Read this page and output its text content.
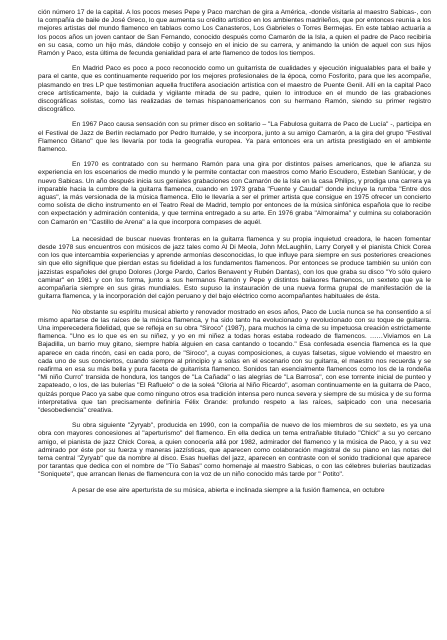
ción número 17 de la capital. A los pocos meses Pepe y Paco marchan de gira a América, -donde visitaría al maestro Sabicas-, con la compañía de baile de José Greco, lo que aumenta su crédito artístico en los ambientes madrileños, que por entonces reunía a los mejores artistas del mundo flamenco en tablaos como Los Canasteros, Los Gabrieles o Torres Bermejas. En este tablao actuaría a los pocos años un joven cantaor de San Fernando, conocido después como Camarón de la Isla, a quien el padre de Paco recibiría en su casa, como un hijo más, dándole cobijo y consejo en el inicio de su carrera, y animando la unión de aquel con sus hijos Ramón y Paco, esta última de fecunda genialidad para el arte flamenco de todos los tiempos.

En Madrid Paco es poco a poco reconocido como un guitarrista de cualidades y ejecución inigualables para el baile y para el cante, que es continuamente requerido por los mejores profesionales de la época, como Fosforito, para que les acompañe, plasmando en tres LP que testimonian aquella fructífera asociación artística con el maestro de Puente Genil. Allí en la capital Paco crece artísticamente, bajo la cuidada y vigilante mirada de su padre, quien lo introduce en el mundo de las grabaciones discográficas solistas, como las realizadas de temas hispanoamericanos con su hermano Ramón, siendo su primer registro discográfico.

En 1967 Paco causa sensación con su primer disco en solitario – "La Fabulosa guitarra de Paco de Lucía" -, participa en el Festival de Jazz de Berlín reclamado por Pedro Iturralde, y se incorpora, junto a su amigo Camarón, a la gira del grupo "Festival Flamenco Gitano" que les llevaría por toda la geografía europea. Ya para entonces era un artista prestigiado en el ambiente flamenco.

En 1970 es contratado con su hermano Ramón para una gira por distintos países americanos, que le afianza su experiencia en los escenarios de medio mundo y le permite contactar con maestros como Mario Escudero, Esteban Sanlúcar, y de nuevo Sabicas. Un año después inicia sus geniales grabaciones con Camarón de la Isla en la casa Philips, y prodiga una carrera ya imparable hacia la cumbre de la guitarra flamenca, cuando en 1973 graba "Fuente y Caudal" donde incluye la rumba "Entre dos aguas", la más versionada de la música flamenca. Ello le llevaría a ser el primer artista que consigue en 1975 ofrecer un concierto como solista de dicho instrumento en el Teatro Real de Madrid, templo por entonces de la música sinfónica española que lo recibe con expectación y admiración contenida, y que termina entregado a su arte. En 1976 graba "Almoraima" y culmina su colaboración con Camarón en "Castillo de Arena" a la que incorpora compases de aquél.

La necesidad de buscar nuevas fronteras en la guitarra flamenca y su propia inquietud creadora, le hacen fomentar desde 1978 sus encuentros con músicos de jazz tales como Al Di Meola, John McLaughlin, Larry Coryell y el pianista Chick Corea con los que intercambia experiencias y aprende armonías desconocidas, lo que influye para siempre en sus posteriores creaciones sin que ello signifique que pierdan estas su fidelidad a los fundamentos flamencos. Por entonces se produce también su unión con jazzistas españoles del grupo Dolores (Jorge Pardo, Carlos Benavent y Rubén Dantas), con los que graba su disco "Yo sólo quiero caminar" en 1981 y con los forma, junto a sus hermanos Ramón y Pepe y distintos bailaores flamencos, un sexteto que ya le acompañaría siempre en sus giras mundiales. Esto supuso la instauración de una nueva forma grupal de manifestación de la guitarra flamenca, y la incorporación del cajón peruano y del bajo eléctrico como acompañantes habituales de ésta.

No obstante su espíritu musical abierto y renovador mostrado en esos años, Paco de Lucía nunca se ha consentido a sí mismo apartarse de las raíces de la música flamenca, y ha sido tanto ha evolucionado y revolucionado con su toque de guitarra. Una imperecedera fidelidad, que se refleja en su obra "Siroco" (1987), para muchos la cima de su ímpetuosa creación estrictamente flamenca. "Uno es lo que es en su niñez, y yo en mi niñez a todas horas estaba rodeado de flamencos. ……Viviamos en La Bajadilla, un barrio muy gitano, siempre había alguien en casa cantando o tocando." Esa confesada esencia flamenca es la que aparece en cada rincón, casi en cada poro, de "Siroco", a cuyas composiciones, a cuyas falsetas, sigue volviendo el maestro en cada uno de sus conciertos, cuando siempre al principio y a solas en el escenario con su guitarra, el maestro nos recuerda y se reafirma en esa su más bella y pura faceta de guitarrista flamenco. Sonidos tan esencialmente flamencos como los de la rondeña "Mi niño Curro" transida de hondura, los tangos de "La Cañada" o las alegrías de "La Barrosa", con ese torrente inicial de punteo y zapateado, o los, de las bulerías "El Rafluelo" o de la soleá "Gloria al Niño Ricardo", asoman continuamente en la guitarra de Paco, quizás porque Paco ya sabe que como ninguno otros esa tradición intensa pero nunca severa y siempre de su música y de su forma interpretativa que tan precisamente definiría Félix Grande: profundo respeto a las raíces, salpicado con una necesaria "desobediencia" creativa.

Su obra siguiente "Zyryab", producida en 1990, con la compañía de nuevo de los miembros de su sexteto, es ya una obra con mayores concesiones al "aperturismo" del flamenco. En ella dedica un tema entrañable titulado "Chick" a su yo cercano amigo, el pianista de jazz Chick Corea, a quien conocería allá por 1982, admirador del flamenco y la música de Paco, y a su vez admirado por éste por su fuerza y maneras jazzísticas, que aparecen como colaboración magistral de su piano en las notas del tema central "Zyryab" que da nombre al disco. Esas huellas del jazz, aparecen en contraste con el sonido tradicional que aparece por tarantas que dedica con el nombre de "Tío Sabas" como homenaje al maestro Sabicas, o con las célebres bulerías bautizadas "Soniquete", que arrancan llenas de flamencura con la voz de un niño conocido más tarde por " Potito".

A pesar de ese aire aperturista de su música, abierta e inclinada siempre a la fusión flamenca, en octubre
